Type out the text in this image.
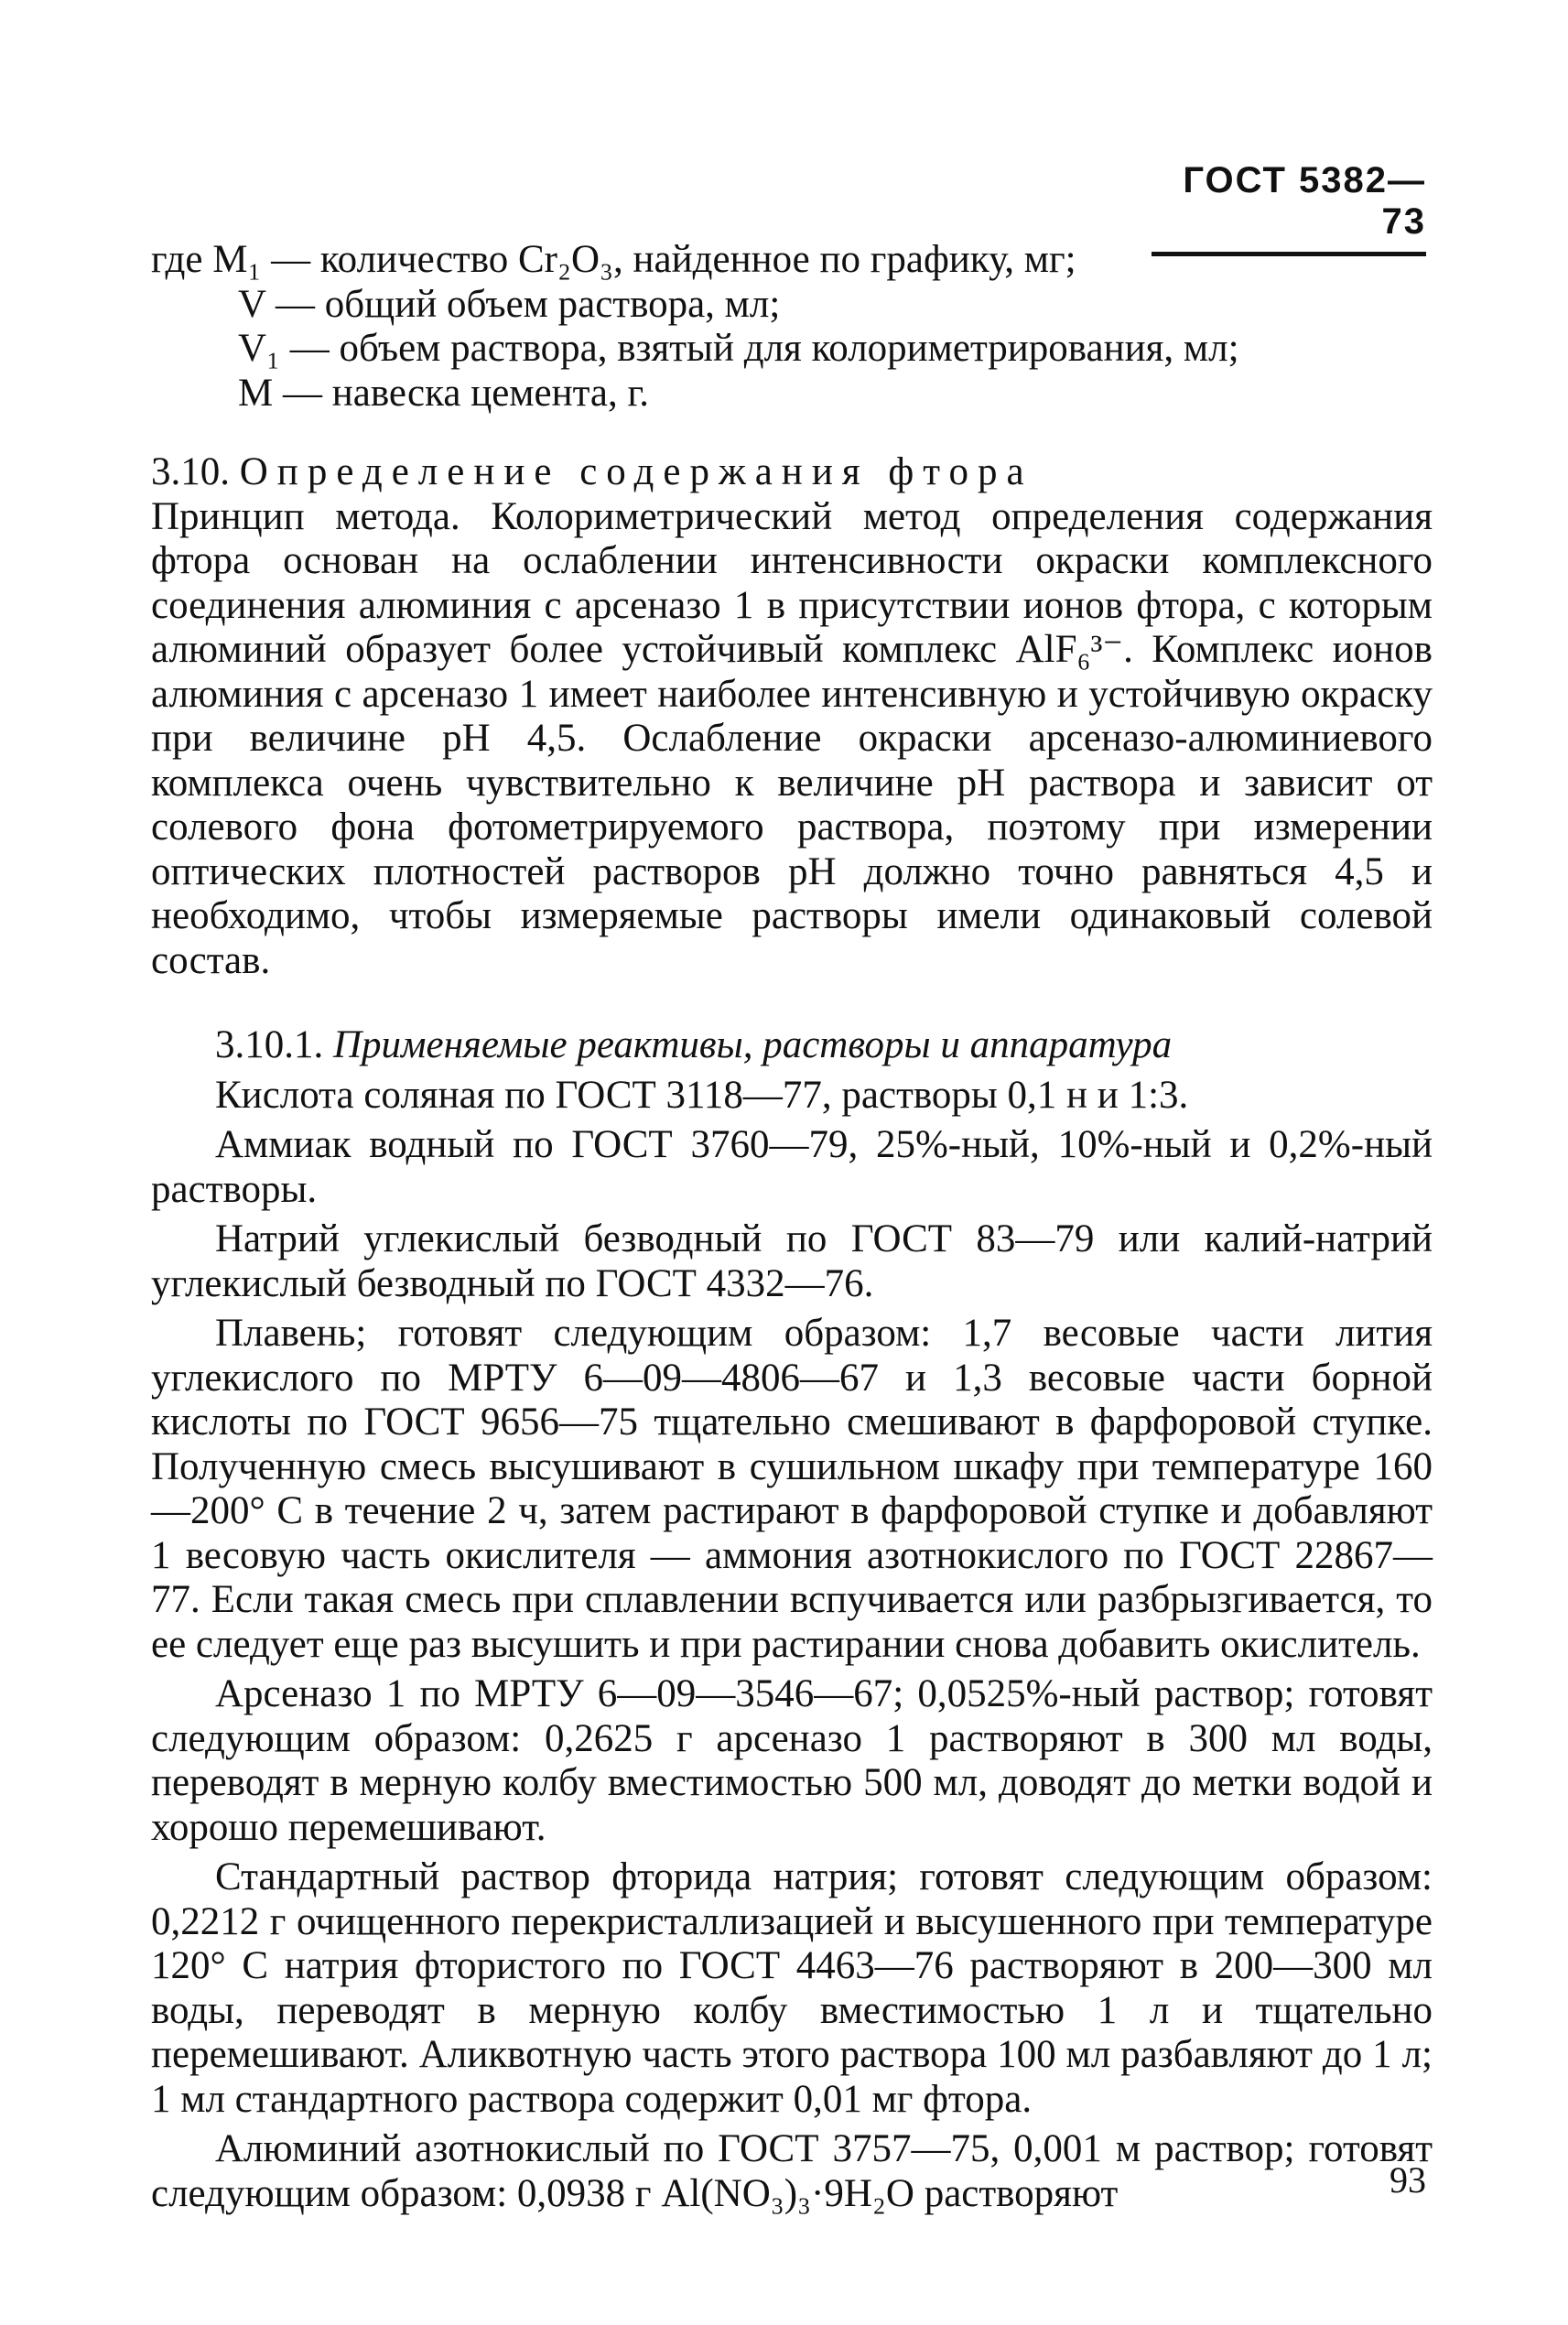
ГОСТ 5382—73

где M₁ — количество Cr₂O₃, найденное по графику, мг;

V — общий объем раствора, мл;

V₁ — объем раствора, взятый для колориметрирования, мл;

M — навеска цемента, г.

3.10. Определение содержания фтора

Принцип метода. Колориметрический метод определения содержания фтора основан на ослаблении интенсивности окраски комплексного соединения алюминия с арсеназо 1 в присутствии ионов фтора, с которым алюминий образует более устойчивый комплекс AlF₆³⁻. Комплекс ионов алюминия с арсеназо 1 имеет наиболее интенсивную и устойчивую окраску при величине pH 4,5. Ослабление окраски арсеназо-алюминиевого комплекса очень чувствительно к величине pH раствора и зависит от солевого фона фотометрируемого раствора, поэтому при измерении оптических плотностей растворов pH должно точно равняться 4,5 и необходимо, чтобы измеряемые растворы имели одинаковый солевой состав.

3.10.1. Применяемые реактивы, растворы и аппаратура

Кислота соляная по ГОСТ 3118—77, растворы 0,1 н и 1:3.

Аммиак водный по ГОСТ 3760—79, 25%-ный, 10%-ный и 0,2%-ный растворы.

Натрий углекислый безводный по ГОСТ 83—79 или калий-натрий углекислый безводный по ГОСТ 4332—76.

Плавень; готовят следующим образом: 1,7 весовые части лития углекислого по МРТУ 6—09—4806—67 и 1,3 весовые части борной кислоты по ГОСТ 9656—75 тщательно смешивают в фарфоровой ступке. Полученную смесь высушивают в сушильном шкафу при температуре 160—200° С в течение 2 ч, затем растирают в фарфоровой ступке и добавляют 1 весовую часть окислителя — аммония азотнокислого по ГОСТ 22867—77. Если такая смесь при сплавлении вспучивается или разбрызгивается, то ее следует еще раз высушить и при растирании снова добавить окислитель.

Арсеназо 1 по МРТУ 6—09—3546—67; 0,0525%-ный раствор; готовят следующим образом: 0,2625 г арсеназо 1 растворяют в 300 мл воды, переводят в мерную колбу вместимостью 500 мл, доводят до метки водой и хорошо перемешивают.

Стандартный раствор фторида натрия; готовят следующим образом: 0,2212 г очищенного перекристаллизацией и высушенного при температуре 120° С натрия фтористого по ГОСТ 4463—76 растворяют в 200—300 мл воды, переводят в мерную колбу вместимостью 1 л и тщательно перемешивают. Аликвотную часть этого раствора 100 мл разбавляют до 1 л; 1 мл стандартного раствора содержит 0,01 мг фтора.

Алюминий азотнокислый по ГОСТ 3757—75, 0,001 м раствор; готовят следующим образом: 0,0938 г Al(NO₃)₃·9H₂O растворяют	93
